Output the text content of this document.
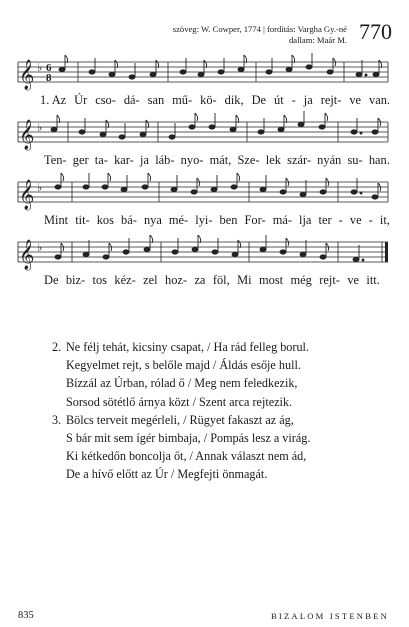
szöveg: W. Cowper, 1774 | fordítás: Vargha Gy.-né
dallam: Maár M. 770
𝄞 ♭ 6
8
1. Az Úr cso- dá- san mű- kö- dik, De út - ja rejt- ve van.
𝄞 ♭
Ten- ger ta- kar- ja láb- nyo- mát, Sze- lek szár- nyán su- han.
𝄞 ♭
Mint tit- kos bá- nya mé- lyi- ben For- má- lja ter - ve - it,
𝄞 ♭
De biz- tos kéz- zel hoz- za föl, Mi most még rejt- ve itt.
2. Ne félj tehát, kicsiny csapat, / Ha rád felleg borul.
Kegyelmet rejt, s belőle majd / Áldás esője hull.
Bízzál az Úrban, rólad ő / Meg nem feledkezik,
Sorsod sötétlő árnya közt / Szent arca rejtezik.
3. Bölcs terveit megérleli, / Rügyet fakaszt az ág,
S bár mit sem ígér bimbaja, / Pompás lesz a virág.
Ki kétkedőn boncolja őt, / Annak választ nem ád,
De a hívő előtt az Úr / Megfejti önmagát.
835	BIZALOM ISTENBEN
